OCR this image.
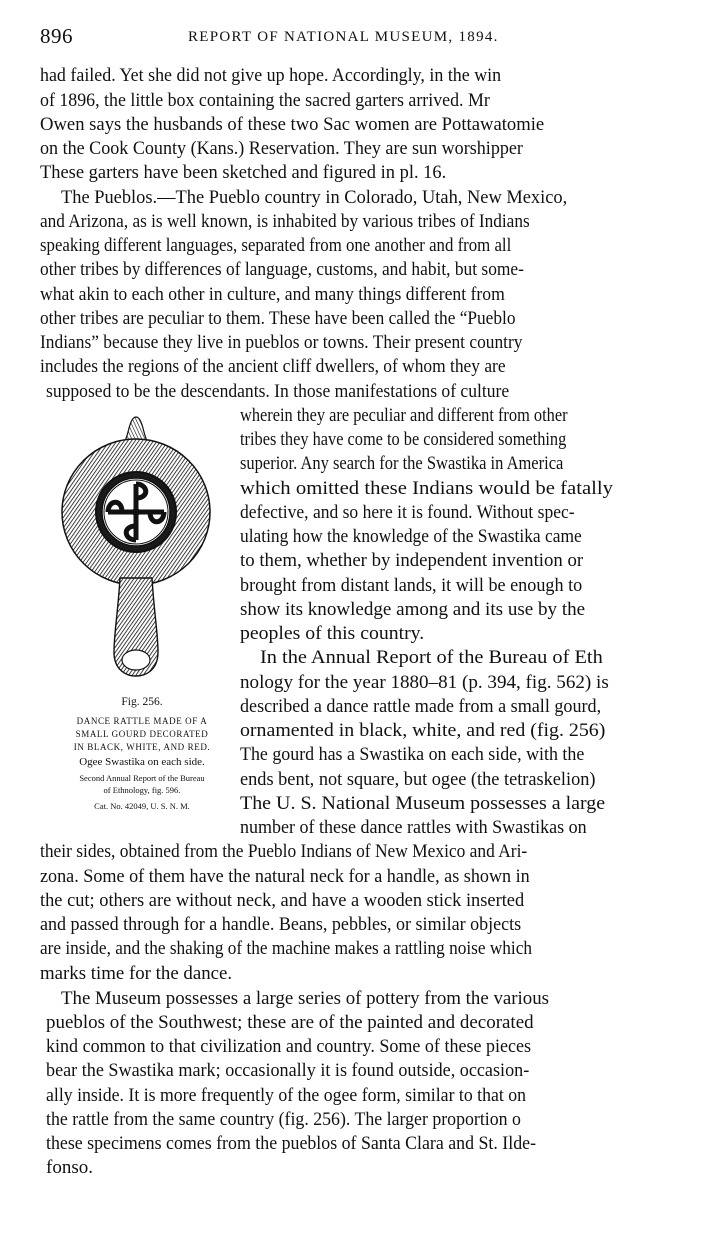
896	REPORT OF NATIONAL MUSEUM, 1894.
had failed. Yet she did not give up hope. Accordingly, in the win
of 1896, the little box containing the sacred garters arrived. Mr
Owen says the husbands of these two Sac women are Pottawatomie
on the Cook County (Kans.) Reservation. They are sun worshipper
These garters have been sketched and figured in pl. 16.
The Pueblos.—The Pueblo country in Colorado, Utah, New Mexico,
and Arizona, as is well known, is inhabited by various tribes of Indians
speaking different languages, separated from one another and from all
other tribes by differences of language, customs, and habit, but some-
what akin to each other in culture, and many things different from
other tribes are peculiar to them. These have been called the “Pueblo
Indians” because they live in pueblos or towns. Their present country
includes the regions of the ancient cliff dwellers, of whom they are
supposed to be the descendants. In those manifestations of culture
wherein they are peculiar and different from other
tribes they have come to be considered something
superior. Any search for the Swastika in America
which omitted these Indians would be fatally
defective, and so here it is found. Without spec-
ulating how the knowledge of the Swastika came
to them, whether by independent invention or
brought from distant lands, it will be enough to
show its knowledge among and its use by the
peoples of this country.
In the Annual Report of the Bureau of Eth
nology for the year 1880–81 (p. 394, fig. 562) is
described a dance rattle made from a small gourd,
ornamented in black, white, and red (fig. 256)
The gourd has a Swastika on each side, with the
ends bent, not square, but ogee (the tetraskelion)
The U. S. National Museum possesses a large
number of these dance rattles with Swastikas on
their sides, obtained from the Pueblo Indians of New Mexico and Ari-
zona. Some of them have the natural neck for a handle, as shown in
the cut; others are without neck, and have a wooden stick inserted
and passed through for a handle. Beans, pebbles, or similar objects
are inside, and the shaking of the machine makes a rattling noise which
marks time for the dance.
The Museum possesses a large series of pottery from the various
pueblos of the Southwest; these are of the painted and decorated
kind common to that civilization and country. Some of these pieces
bear the Swastika mark; occasionally it is found outside, occasion-
ally inside. It is more frequently of the ogee form, similar to that on
the rattle from the same country (fig. 256). The larger proportion o
these specimens comes from the pueblos of Santa Clara and St. Ilde-
fonso.
Fig. 256.
DANCE RATTLE MADE OF A
SMALL GOURD DECORATED
IN BLACK, WHITE, AND RED.
Ogee Swastika on each side.
Second Annual Report of the Bureau
of Ethnology, fig. 596.
Cat. No. 42049, U. S. N. M.
